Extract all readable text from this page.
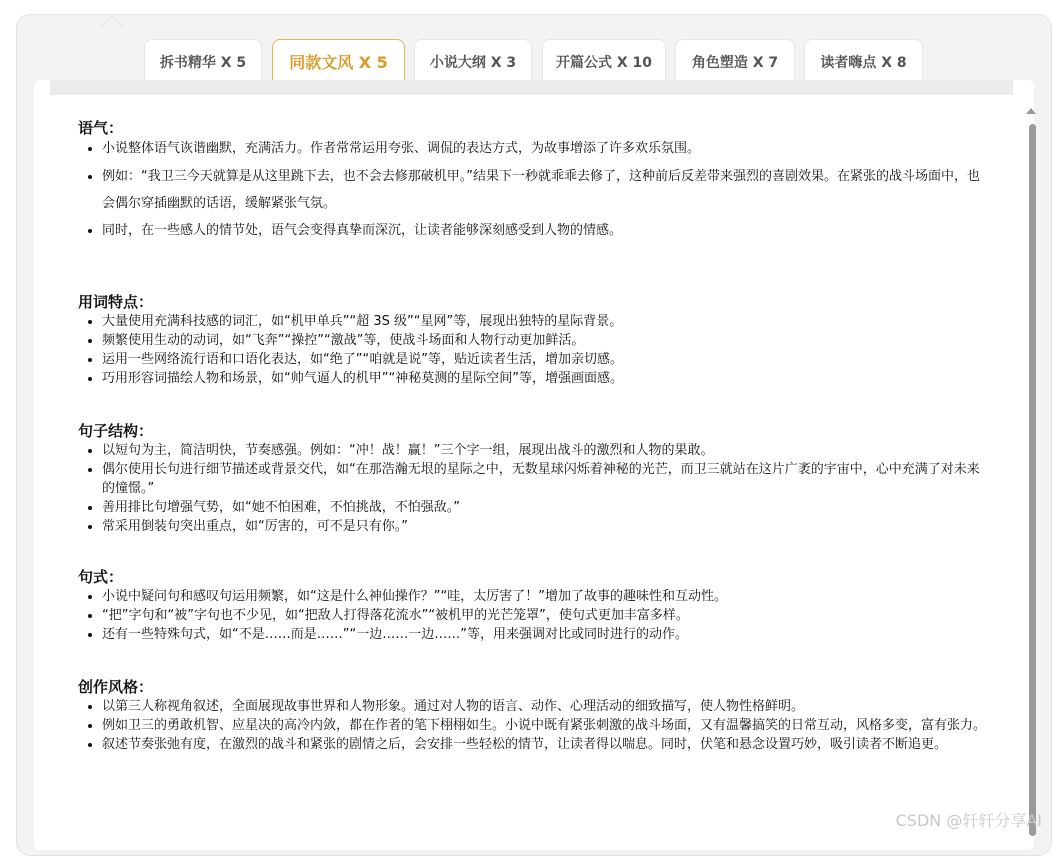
拆书精华 X 5	同款文风 X 5	小说大纲 X 3	开篇公式 X 10	角色塑造 X 7	读者嗨点 X 8

语气：

• 小说整体语气诙谐幽默，充满活力。作者常常运用夸张、调侃的表达方式，为故事增添了许多欢乐氛围。
• 例如：“我卫三今天就算是从这里跳下去，也不会去修那破机甲。”结果下一秒就乖乖去修了，这种前后反差带来强烈的喜剧效果。在紧张的战斗场面中，也会偶尔穿插幽默的话语，缓解紧张气氛。
• 同时，在一些感人的情节处，语气会变得真挚而深沉，让读者能够深刻感受到人物的情感。

用词特点：

• 大量使用充满科技感的词汇，如“机甲单兵”“超 3S 级”“星网”等，展现出独特的星际背景。
• 频繁使用生动的动词，如“飞奔”“操控”“激战”等，使战斗场面和人物行动更加鲜活。
• 运用一些网络流行语和口语化表达，如“绝了”“咱就是说”等，贴近读者生活，增加亲切感。
• 巧用形容词描绘人物和场景，如“帅气逼人的机甲”“神秘莫测的星际空间”等，增强画面感。

句子结构：

• 以短句为主，简洁明快，节奏感强。例如：“冲！战！赢！”三个字一组，展现出战斗的激烈和人物的果敢。
• 偶尔使用长句进行细节描述或背景交代，如“在那浩瀚无垠的星际之中，无数星球闪烁着神秘的光芒，而卫三就站在这片广袤的宇宙中，心中充满了对未来的憧憬。”
• 善用排比句增强气势，如“她不怕困难，不怕挑战，不怕强敌。”
• 常采用倒装句突出重点，如“厉害的，可不是只有你。”

句式：

• 小说中疑问句和感叹句运用频繁，如“这是什么神仙操作？”“哇，太厉害了！”增加了故事的趣味性和互动性。
• “把”字句和“被”字句也不少见，如“把敌人打得落花流水”“被机甲的光芒笼罩”，使句式更加丰富多样。
• 还有一些特殊句式，如“不是……而是……”“一边……一边……”等，用来强调对比或同时进行的动作。

创作风格：

• 以第三人称视角叙述，全面展现故事世界和人物形象。通过对人物的语言、动作、心理活动的细致描写，使人物性格鲜明。
• 例如卫三的勇敢机智、应星决的高冷内敛，都在作者的笔下栩栩如生。小说中既有紧张刺激的战斗场面，又有温馨搞笑的日常互动，风格多变，富有张力。
• 叙述节奏张弛有度，在激烈的战斗和紧张的剧情之后，会安排一些轻松的情节，让读者得以喘息。同时，伏笔和悬念设置巧妙，吸引读者不断追更。
CSDN @轩轩分享AI
